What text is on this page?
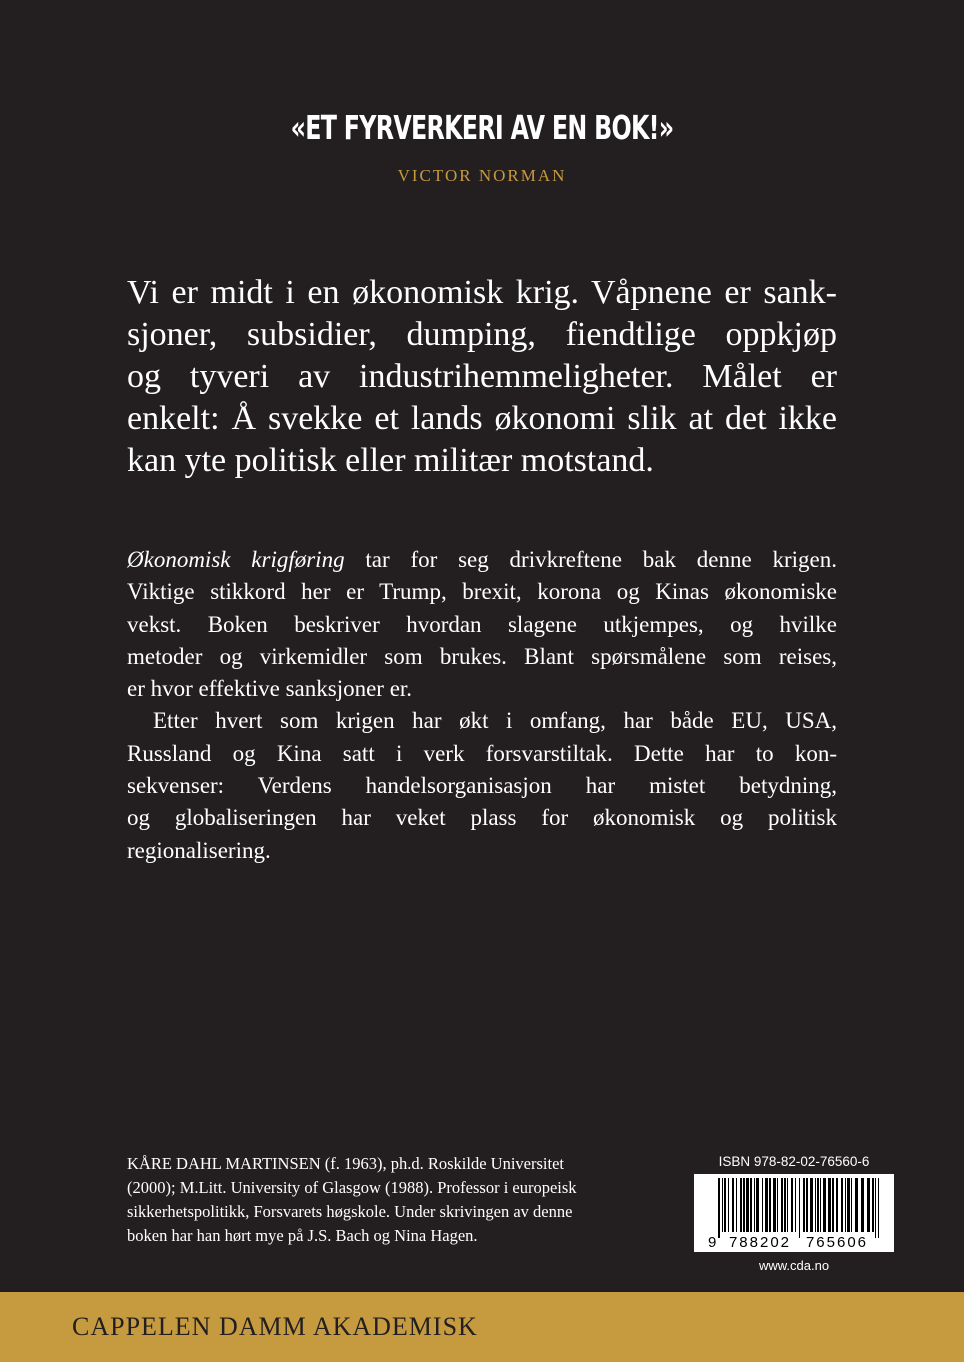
«ET FYRVERKERI AV EN BOK!»
VICTOR NORMAN
Vi er midt i en økonomisk krig. Våpnene er sank-
sjoner, subsidier, dumping, fiendtlige oppkjøp
og tyveri av industrihemmeligheter. Målet er
enkelt: Å svekke et lands økonomi slik at det ikke
kan yte politisk eller militær motstand.
Økonomisk krigføring tar for seg drivkreftene bak denne krigen.
Viktige stikkord her er Trump, brexit, korona og Kinas økonomiske
vekst. Boken beskriver hvordan slagene utkjempes, og hvilke
metoder og virkemidler som brukes. Blant spørsmålene som reises,
er hvor effektive sanksjoner er.
Etter hvert som krigen har økt i omfang, har både EU, USA,
Russland og Kina satt i verk forsvarstiltak. Dette har to kon-
sekvenser: Verdens handelsorganisasjon har mistet betydning,
og globaliseringen har veket plass for økonomisk og politisk
regionalisering.
KÅRE DAHL MARTINSEN (f. 1963), ph.d. Roskilde Universitet
(2000); M.Litt. University of Glasgow (1988). Professor i europeisk
sikkerhetspolitikk, Forsvarets høgskole. Under skrivingen av denne
boken har han hørt mye på J.S. Bach og Nina Hagen.
ISBN 978-82-02-76560-6
9 788202 765606
www.cda.no
CAPPELEN DAMM AKADEMISK
